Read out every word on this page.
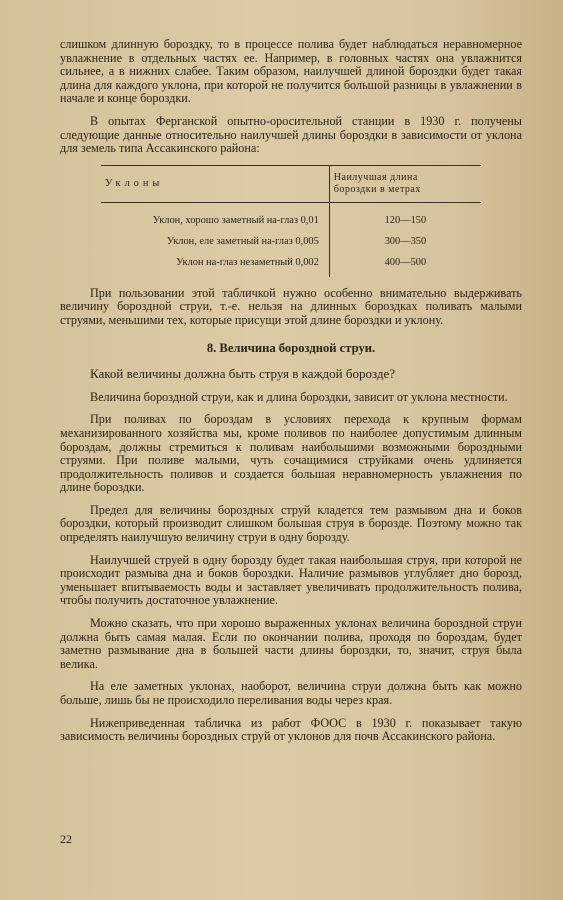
слишком длинную бороздку, то в процессе полива будет наблюдаться неравномерное увлажнение в отдельных частях ее. Например, в головных частях она увлажнится сильнее, а в нижних слабее. Таким образом, наилучшей длиной бороздки будет такая длина для каждого уклона, при которой не получится большой разницы в увлажнении в начале и конце бороздки.

В опытах Ферганской опытно-оросительной станции в 1930 г. получены следующие данные относительно наилучшей длины бороздки в зависимости от уклона для земель типа Ассакинского района:

Уклоны	Наилучшая длина
бороздки в метрах
Уклон, хорошо заметный на-глаз 0,01	120—150
Уклон, еле заметный на-глаз 0,005	300—350
Уклон на-глаз незаметный 0,002	400—500

При пользовании этой табличкой нужно особенно внимательно выдерживать величину бороздной струи, т.-е. нельзя на длинных бороздках поливать малыми струями, меньшими тех, которые присущи этой длине бороздки и уклону.

8. Величина бороздной струи.

Какой величины должна быть струя в каждой борозде?

Величина бороздной струи, как и длина бороздки, зависит от уклона местности.

При поливах по бороздам в условиях перехода к крупным формам механизированного хозяйства мы, кроме поливов по наиболее допустимым длинным бороздам, должны стремиться к поливам наибольшими возможными бороздными струями. При поливе малыми, чуть сочащимися струйками очень удлиняется продолжительность поливов и создается большая неравномерность увлажнения по длине бороздки.

Предел для величины бороздных струй кладется тем размывом дна и боков бороздки, который производит слишком большая струя в борозде. Поэтому можно так определять наилучшую величину струи в одну борозду.

Наилучшей струей в одну борозду будет такая наибольшая струя, при которой не происходит размыва дна и боков бороздки. Наличие размывов углубляет дно борозд, уменьшает впитываемость воды и заставляет увеличивать продолжительность полива, чтобы получить достаточное увлажнение.

Можно сказать, что при хорошо выраженных уклонах величина бороздной струи должна быть самая малая. Если по окончании полива, проходя по бороздам, будет заметно размывание дна в большей части длины бороздки, то, значит, струя была велика.

На еле заметных уклонах, наоборот, величина струи должна быть как можно больше, лишь бы не происходило переливания воды через края.

Нижеприведенная табличка из работ ФООС в 1930 г. показывает такую зависимость величины бороздных струй от уклонов для почв Ассакинского района.

22
